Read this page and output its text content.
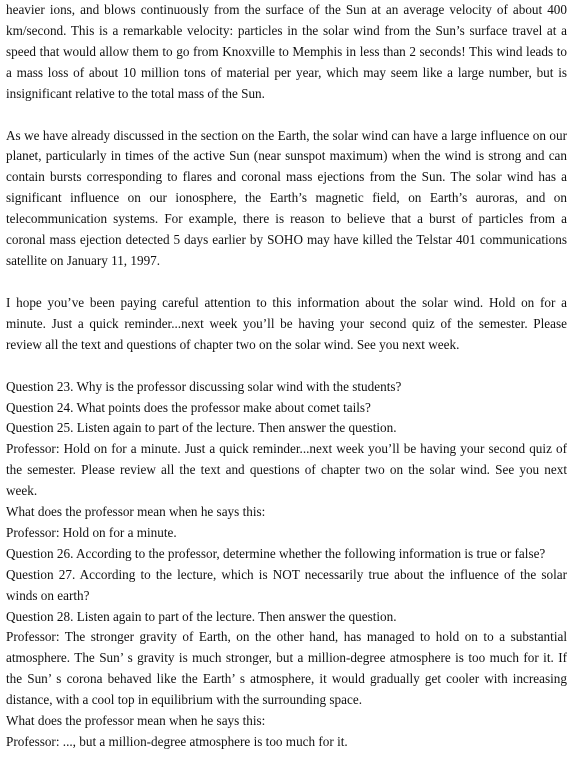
heavier ions, and blows continuously from the surface of the Sun at an average velocity of about 400 km/second. This is a remarkable velocity: particles in the solar wind from the Sun’s surface travel at a speed that would allow them to go from Knoxville to Memphis in less than 2 seconds! This wind leads to a mass loss of about 10 million tons of material per year, which may seem like a large number, but is insignificant relative to the total mass of the Sun.

As we have already discussed in the section on the Earth, the solar wind can have a large influence on our planet, particularly in times of the active Sun (near sunspot maximum) when the wind is strong and can contain bursts corresponding to flares and coronal mass ejections from the Sun. The solar wind has a significant influence on our ionosphere, the Earth’s magnetic field, on Earth’s auroras, and on telecommunication systems. For example, there is reason to believe that a burst of particles from a coronal mass ejection detected 5 days earlier by SOHO may have killed the Telstar 401 communications satellite on January 11, 1997.

I hope you’ve been paying careful attention to this information about the solar wind. Hold on for a minute. Just a quick reminder...next week you’ll be having your second quiz of the semester. Please review all the text and questions of chapter two on the solar wind. See you next week.

Question 23. Why is the professor discussing solar wind with the students?

Question 24. What points does the professor make about comet tails?

Question 25. Listen again to part of the lecture. Then answer the question.

Professor: Hold on for a minute. Just a quick reminder...next week you’ll be having your second quiz of the semester. Please review all the text and questions of chapter two on the solar wind. See you next week.

What does the professor mean when he says this:

Professor: Hold on for a minute.

Question 26. According to the professor, determine whether the following information is true or false?

Question 27. According to the lecture, which is NOT necessarily true about the influence of the solar winds on earth?

Question 28. Listen again to part of the lecture. Then answer the question.

Professor: The stronger gravity of Earth, on the other hand, has managed to hold on to a substantial atmosphere. The Sun’ s gravity is much stronger, but a million-degree atmosphere is too much for it. If the Sun’ s corona behaved like the Earth’ s atmosphere, it would gradually get cooler with increasing distance, with a cool top in equilibrium with the surrounding space.

What does the professor mean when he says this:

Professor: ..., but a million-degree atmosphere is too much for it.
